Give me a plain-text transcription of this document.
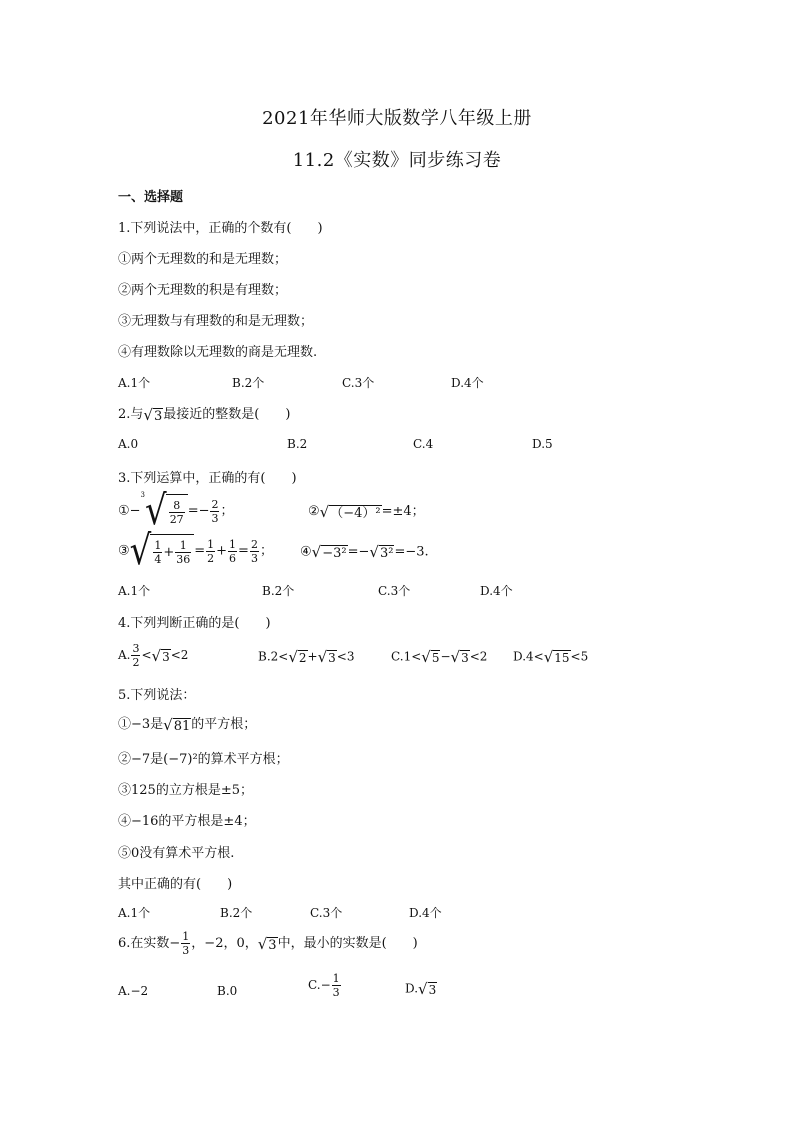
2021年华师大版数学八年级上册
11.2《实数》同步练习卷
一、选择题
1.下列说法中，正确的个数有(　　)
①两个无理数的和是无理数；
②两个无理数的积是有理数；
③无理数与有理数的和是无理数；
④有理数除以无理数的商是无理数.
A.1个	B.2个	C.3个	D.4个
2.与√3最接近的整数是(　　)
A.0	B.2	C.4	D.5
3.下列运算中，正确的有(　　)
①−
3 √ $\frac{8}{27} =- \frac{2}{3}$ ；	②√（−4）²=±4；
③ √ $\frac{1}{4} + \frac{1}{36} = \frac{1}{2} + \frac{1}{6} = \frac{2}{3}$ ； ④√−3²=−√3²=−3.
A.1个	B.2个	C.3个	D.4个
4.下列判断正确的是(　　)
A. $\frac{3}{2} <√3<2$	B.2<√2+√3<3	C.1<√5−√3<2 D.4<√15<5
5.下列说法：
①−3是√81的平方根；
②−7是(−7)²的算术平方根；
③125的立方根是±5；
④−16的平方根是±4；
⑤0没有算术平方根.
其中正确的有(　　)
A.1个	B.2个	C.3个	D.4个
6.在实数− $\frac{1}{3}$ ，−2，0，√3中，最小的实数是(　　)
A.−2	B.0	$C.- \frac{1}{3}$	D.√3
